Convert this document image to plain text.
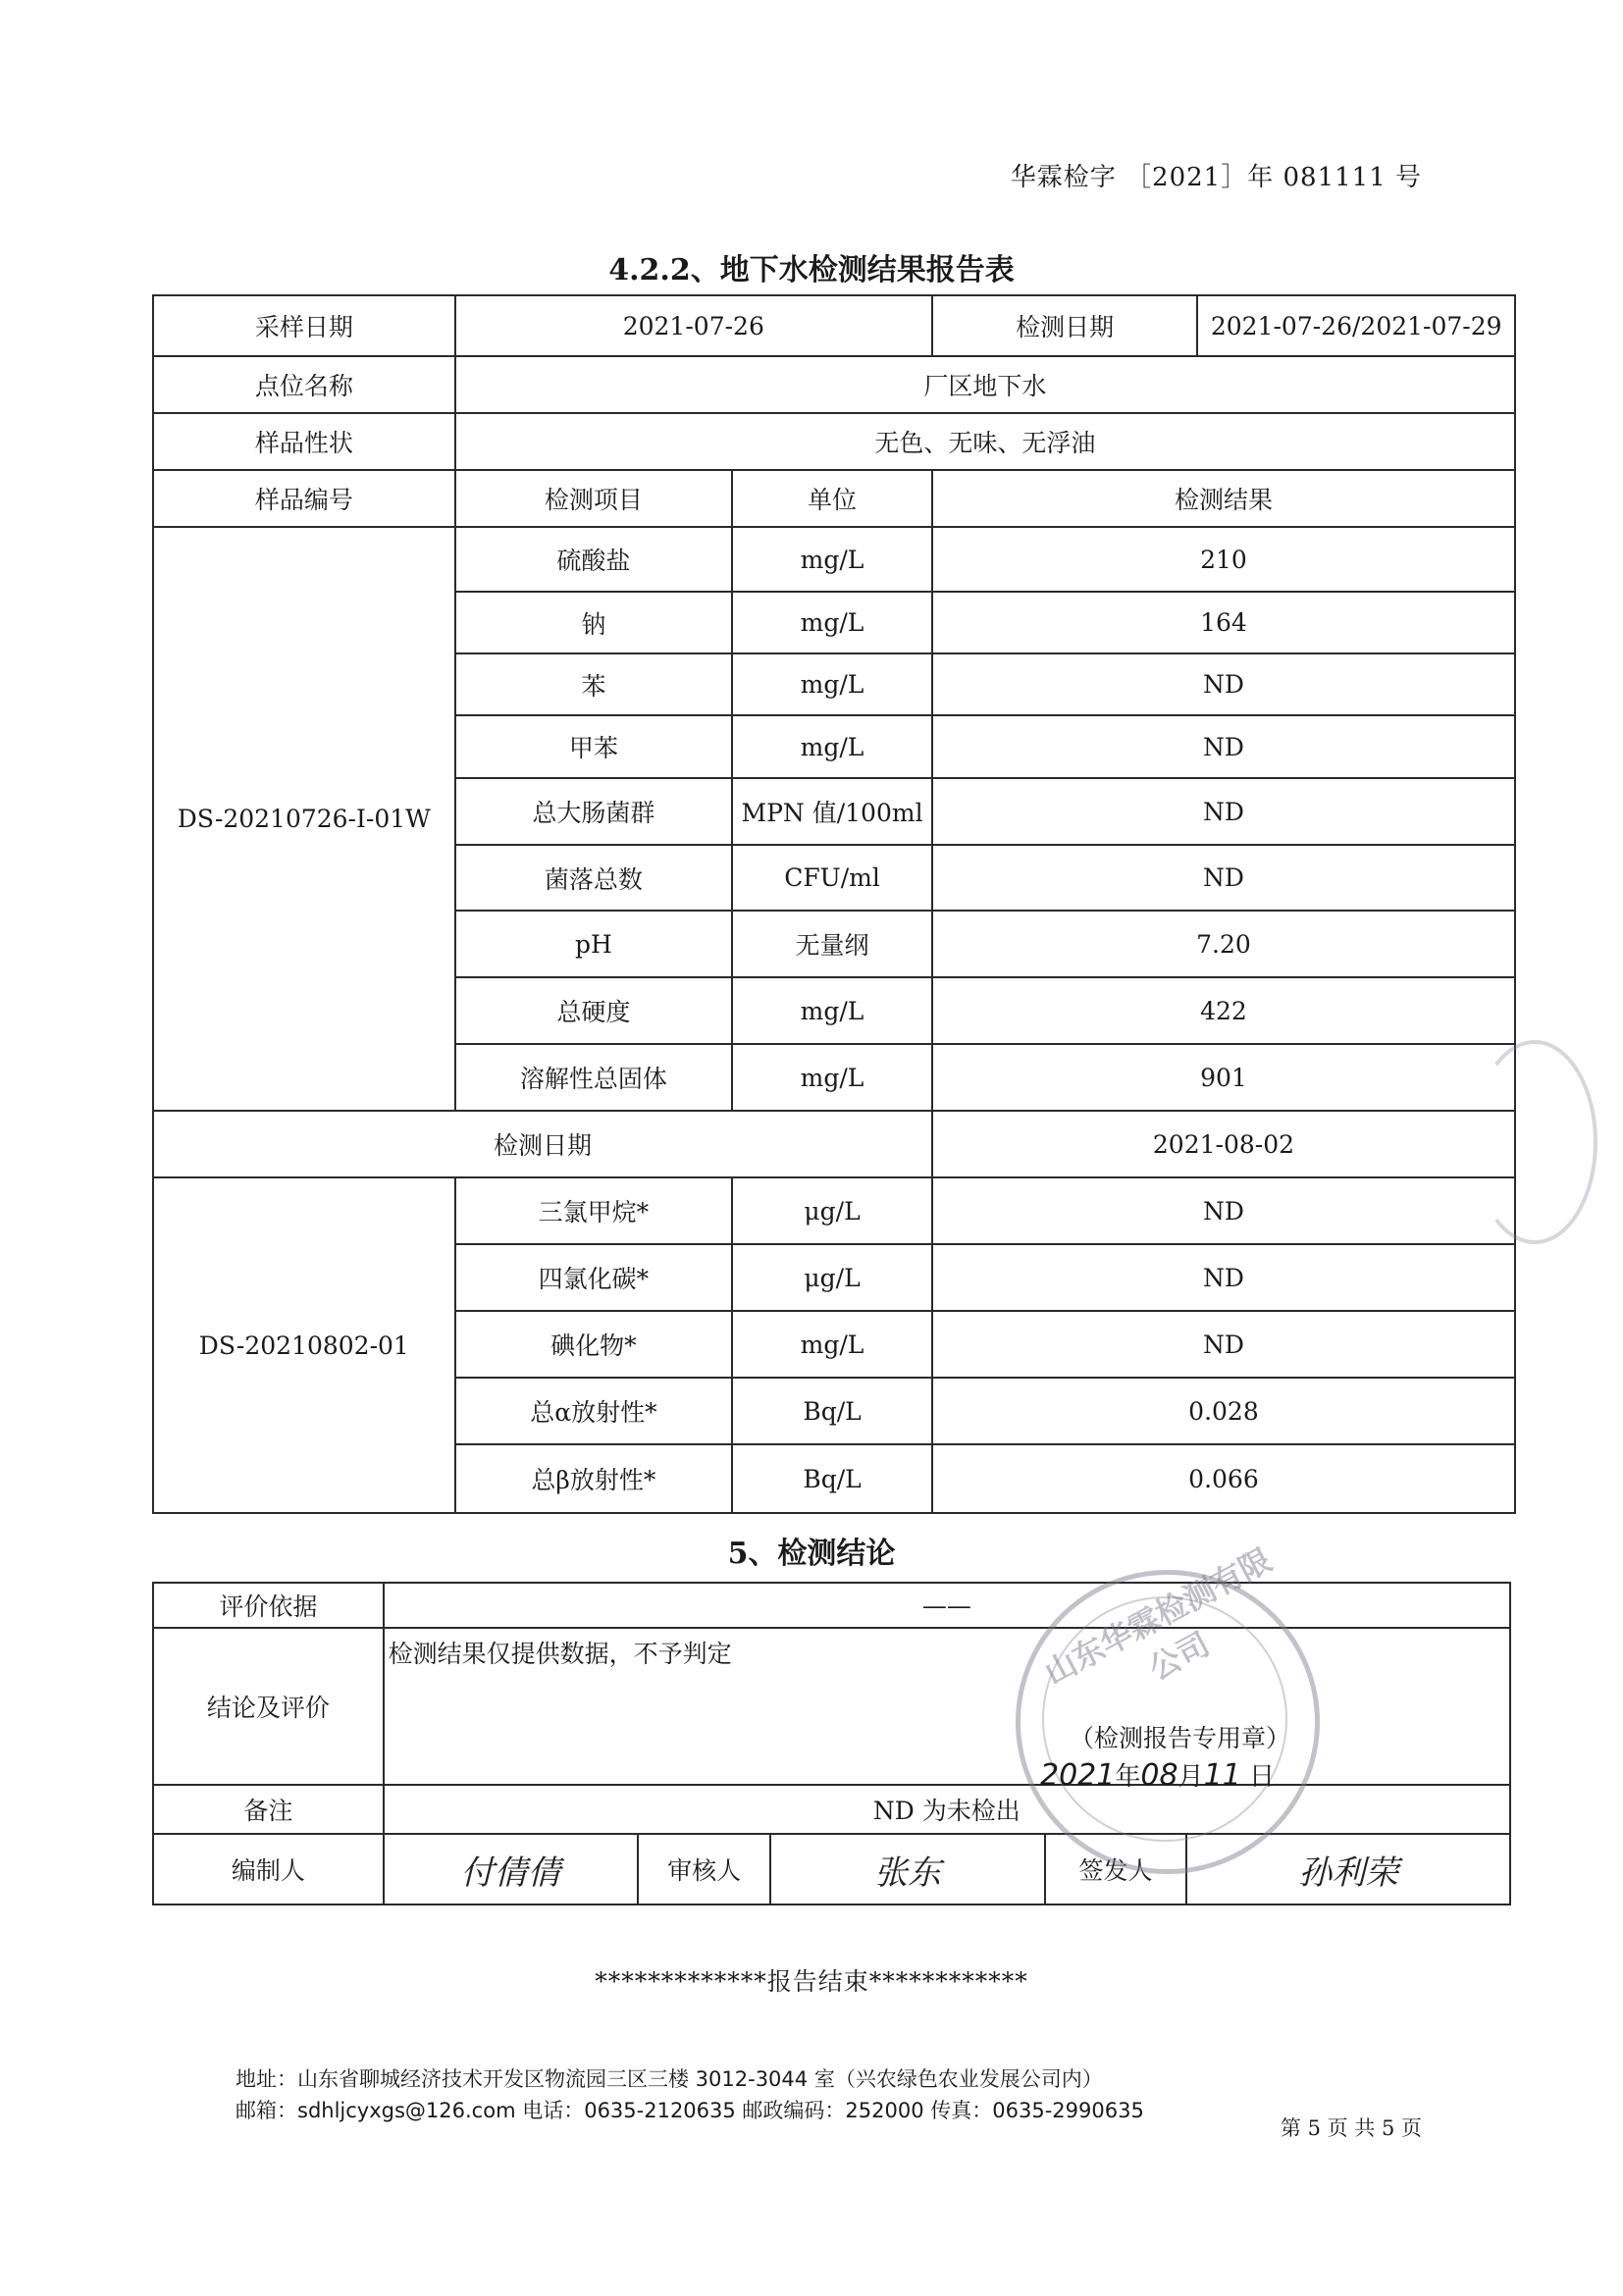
华霖检字 ［2021］年 081111 号
4.2.2、地下水检测结果报告表
采样日期	2021-07-26		检测日期	2021-07-26/2021-07-29
点位名称	厂区地下水			
样品性状	无色、无味、无浮油			
样品编号	检测项目	单位	检测结果	
DS-20210726-I-01W	硫酸盐	mg/L	210	
	钠	mg/L	164	
	苯	mg/L	ND	
	甲苯	mg/L	ND	
	总大肠菌群	MPN 值/100ml	ND	
	菌落总数	CFU/ml	ND	
	pH	无量纲	7.20	
	总硬度	mg/L	422	
	溶解性总固体	mg/L	901	
检测日期			2021-08-02	
DS-20210802-01	三氯甲烷*	μg/L	ND	
	四氯化碳*	μg/L	ND	
	碘化物*	mg/L	ND	
	总α放射性*	Bq/L	0.028	
	总β放射性*	Bq/L	0.066	
5、检测结论
评价依据	——				
结论及评价	检测结果仅提供数据，不予判定				
备注	ND 为未检出				
编制人	付倩倩	审核人	张东	签发人	孙利荣
山东华霖检测有限公司
（检测报告专用章）
2021年08月11 日
*************报告结束************
地址：山东省聊城经济技术开发区物流园三区三楼 3012-3044 室（兴农绿色农业发展公司内）
邮箱：sdhljcyxgs@126.com 电话：0635-2120635 邮政编码：252000 传真：0635-2990635
第 5 页 共 5 页
